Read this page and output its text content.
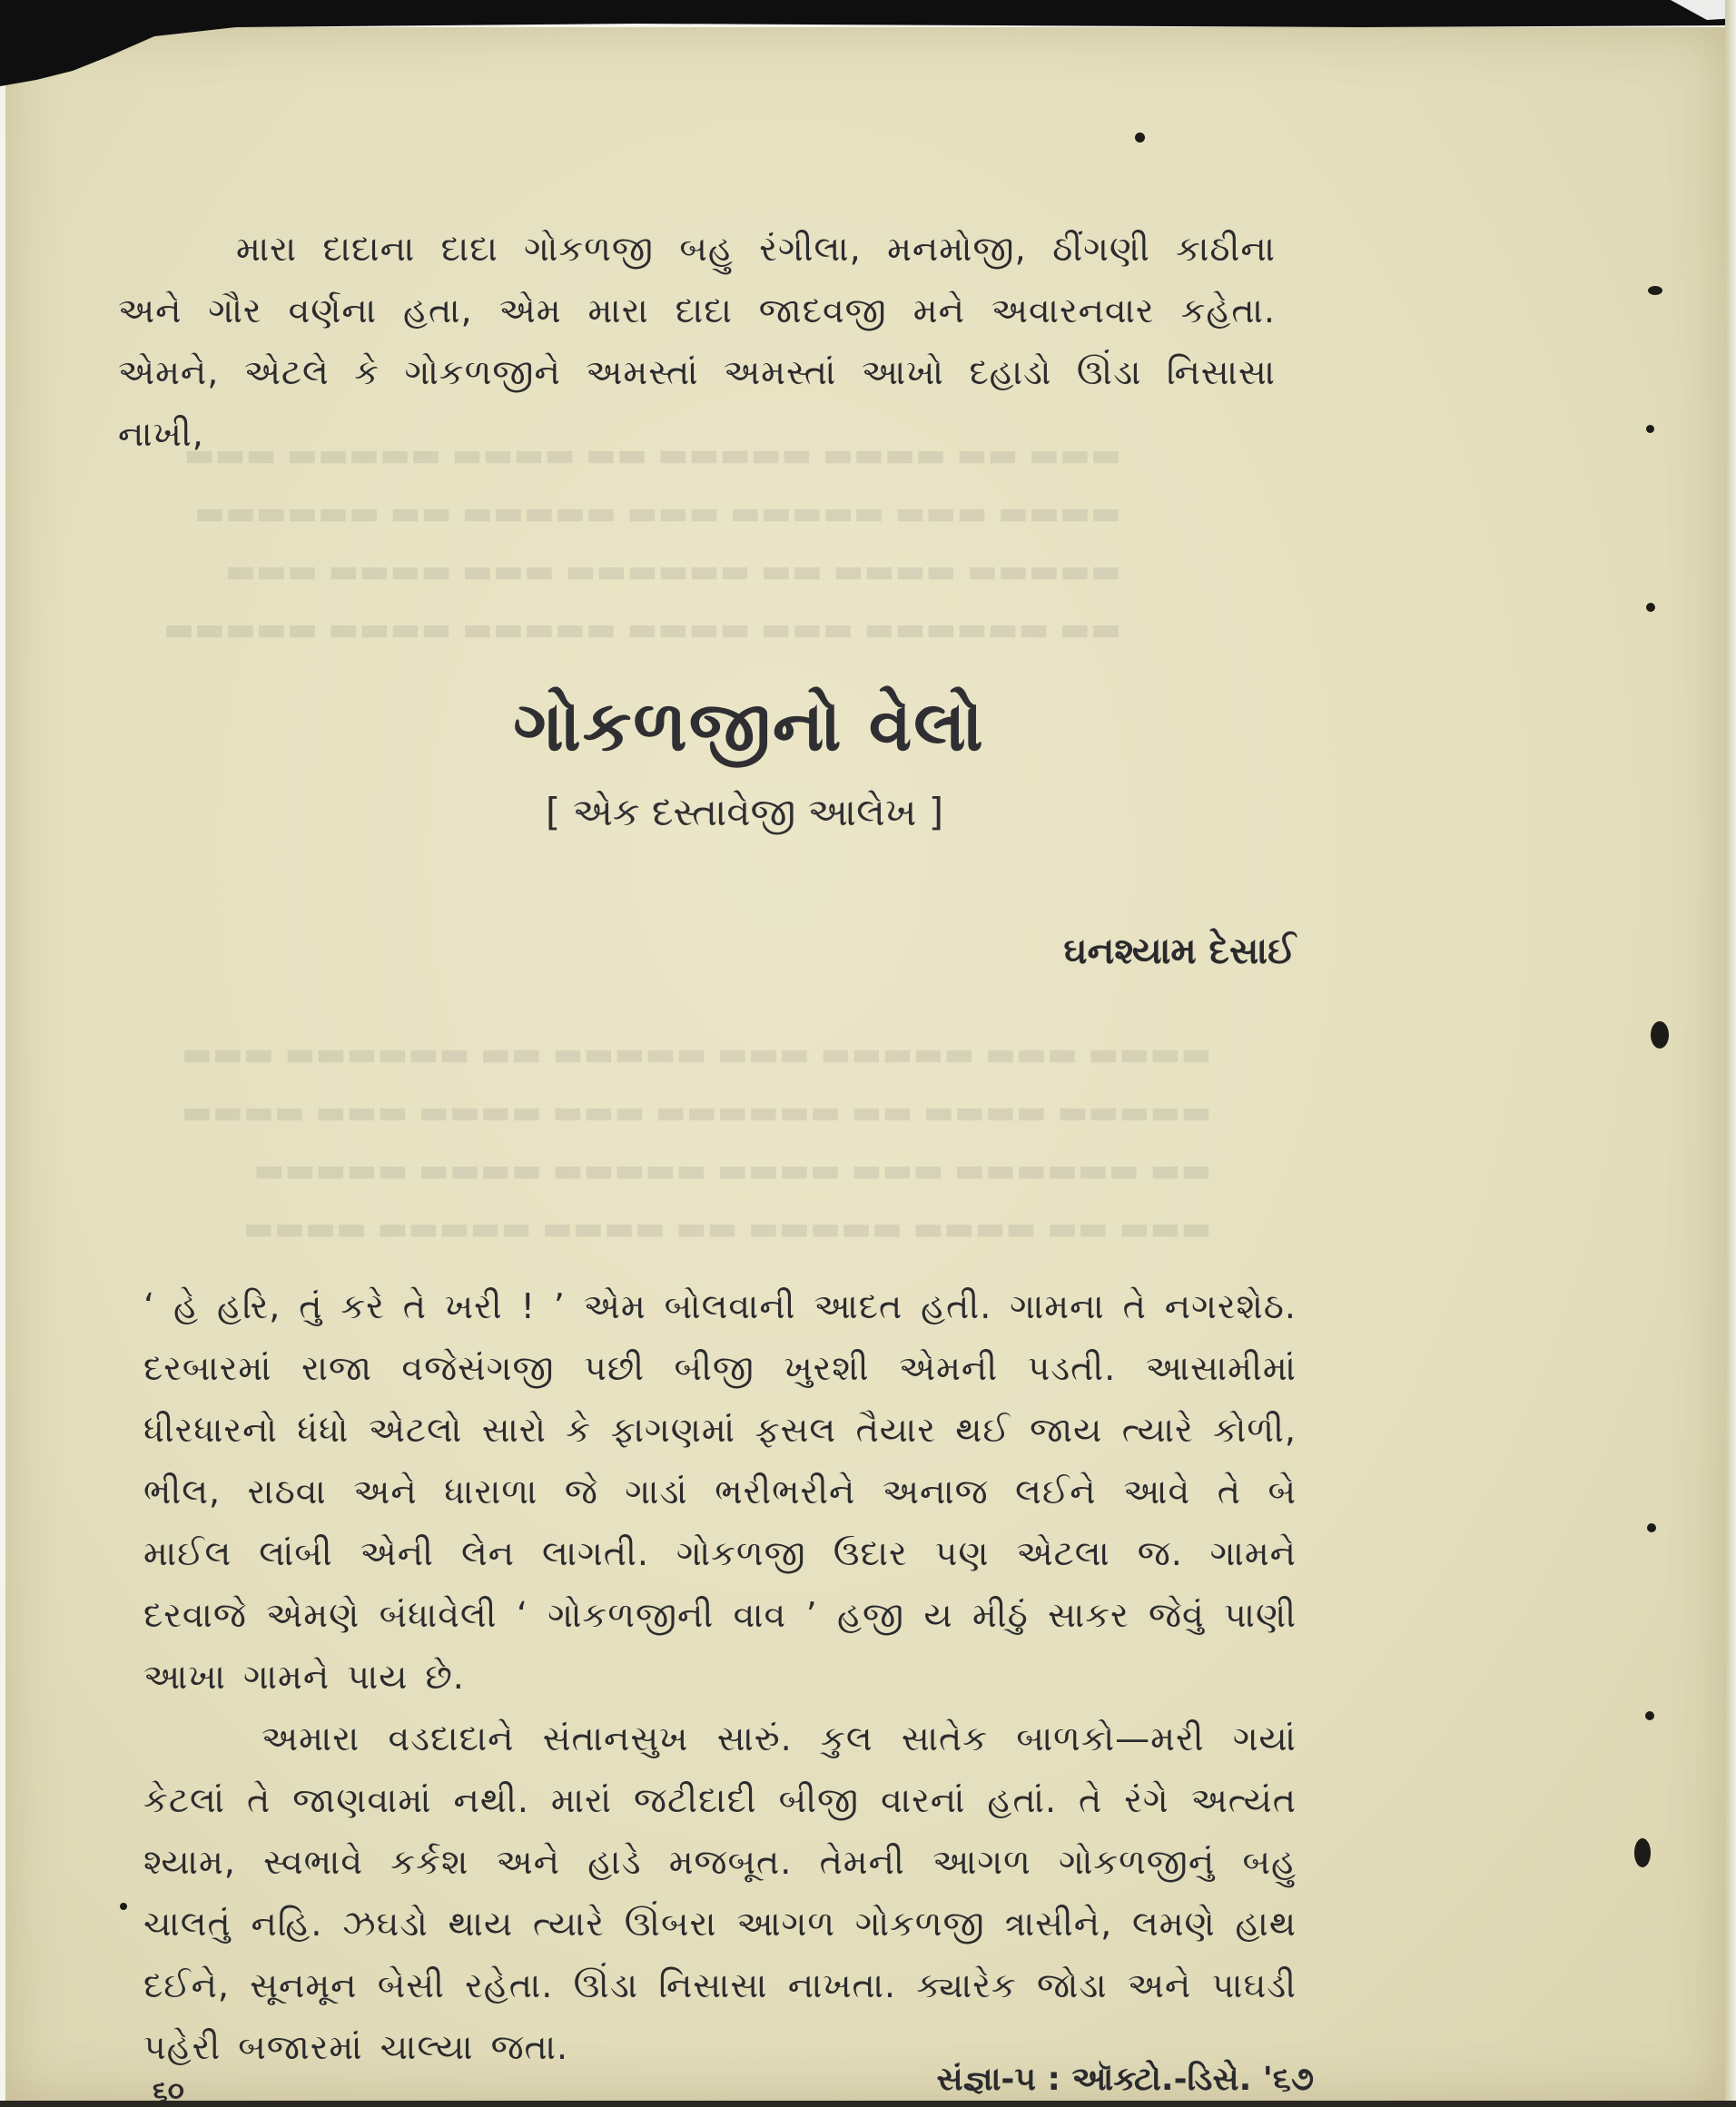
▬▬▬ ▬▬ ▬▬▬▬ ▬▬▬▬▬ ▬▬ ▬▬▬▬ ▬▬▬▬▬ ▬▬▬
▬▬▬▬ ▬▬▬ ▬▬▬▬▬ ▬▬▬ ▬▬▬▬▬ ▬▬ ▬▬▬▬▬▬
▬▬▬▬▬ ▬▬▬▬ ▬▬ ▬▬▬▬▬▬ ▬▬▬ ▬▬▬▬ ▬▬▬
▬▬ ▬▬▬▬▬▬ ▬▬▬ ▬▬▬▬ ▬▬▬▬▬ ▬▬▬▬ ▬▬▬▬▬
▬▬▬▬ ▬▬▬ ▬▬▬▬▬ ▬▬▬ ▬▬▬▬▬ ▬▬ ▬▬▬▬▬▬ ▬▬▬
▬▬▬▬▬ ▬▬▬▬ ▬▬ ▬▬▬▬▬▬ ▬▬▬ ▬▬▬▬ ▬▬▬ ▬▬▬▬
▬▬ ▬▬▬▬▬▬ ▬▬▬ ▬▬▬▬ ▬▬▬▬▬ ▬▬▬▬ ▬▬▬▬▬
▬▬▬ ▬▬ ▬▬▬▬ ▬▬▬▬▬ ▬▬ ▬▬▬▬ ▬▬▬▬▬ ▬▬▬▬

મારા દાદાના દાદા ગોકળજી બહુ રંગીલા, મનમોજી, ઠીંગણી કાઠીના અને ગૌર વર્ણના હતા, એમ મારા દાદા જાદવજી મને અવારનવાર કહેતા. એમને, એટલે કે ગોકળજીને અમસ્તાં અમસ્તાં આખો દહાડો ઊંડા નિસાસા નાખી,

ગોકળજીનો વેલો
[ એક દસ્તાવેજી આલેખ ]
ઘનશ્યામ દેસાઈ

‘ હે હરિ, તું કરે તે ખરી ! ’ એમ બોલવાની આદત હતી. ગામના તે નગરશેઠ. દરબારમાં રાજા વજેસંગજી પછી બીજી ખુરશી એમની પડતી. આસામીમાં ધીરધારનો ધંધો એટલો સારો કે ફાગણમાં ફસલ તૈયાર થઈ જાય ત્યારે કોળી, ભીલ, રાઠવા અને ધારાળા જે ગાડાં ભરીભરીને અનાજ લઈને આવે તે બે માઈલ લાંબી એની લેન લાગતી. ગોકળજી ઉદાર પણ એટલા જ. ગામને દરવાજે એમણે બંધાવેલી ‘ ગોકળજીની વાવ ’ હજી ય મીઠું સાકર જેવું પાણી આખા ગામને પાય છે.

અમારા વડદાદાને સંતાનસુખ સારું. કુલ સાતેક બાળકો—મરી ગયાં કેટલાં તે જાણવામાં નથી. મારાં જટીદાદી બીજી વારનાં હતાં. તે રંગે અત્યંત શ્યામ, સ્વભાવે કર્કશ અને હાડે મજબૂત. તેમની આગળ ગોકળજીનું બહુ ચાલતું નહિ. ઝઘડો થાય ત્યારે ઊંબરા આગળ ગોકળજી ત્રાસીને, લમણે હાથ દઈને, સૂનમૂન બેસી રહેતા. ઊંડા નિસાસા નાખતા. ક્યારેક જોડા અને પાઘડી પહેરી બજારમાં ચાલ્યા જતા.

સંજ્ઞા-૫ : ઑક્ટો.-ડિસે. '૬૭
૬૦
